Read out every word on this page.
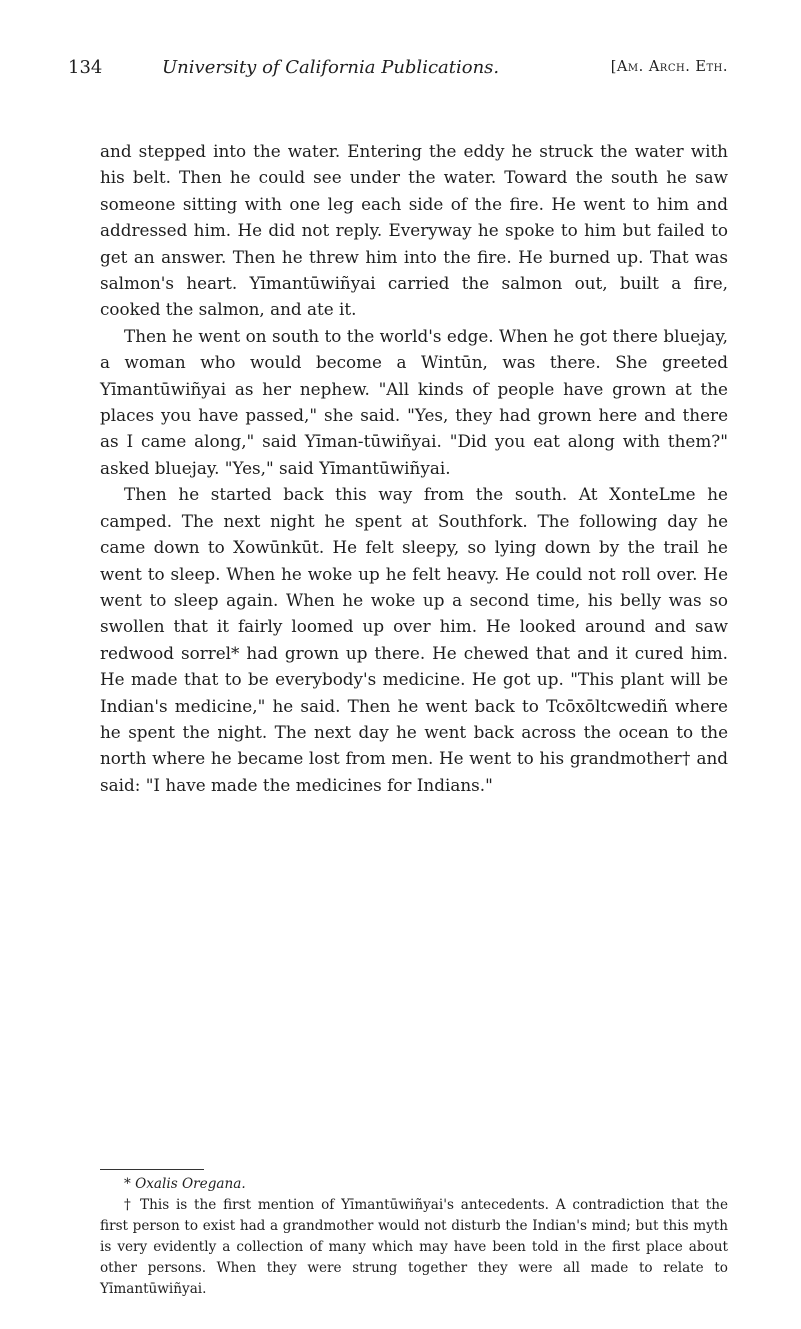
134	University of California Publications.	[Am. Arch. Eth.

and stepped into the water. Entering the eddy he struck the water with his belt. Then he could see under the water. Toward the south he saw someone sitting with one leg each side of the fire. He went to him and addressed him. He did not reply. Everyway he spoke to him but failed to get an answer. Then he threw him into the fire. He burned up. That was salmon's heart. Yīmantūwiñyai carried the salmon out, built a fire, cooked the salmon, and ate it.

Then he went on south to the world's edge. When he got there bluejay, a woman who would become a Wintūn, was there. She greeted Yīmantūwiñyai as her nephew. "All kinds of people have grown at the places you have passed," she said. "Yes, they had grown here and there as I came along," said Yīman-tūwiñyai. "Did you eat along with them?" asked bluejay. "Yes," said Yīmantūwiñyai.

Then he started back this way from the south. At XonteLme he camped. The next night he spent at Southfork. The following day he came down to Xowūnkūt. He felt sleepy, so lying down by the trail he went to sleep. When he woke up he felt heavy. He could not roll over. He went to sleep again. When he woke up a second time, his belly was so swollen that it fairly loomed up over him. He looked around and saw redwood sorrel* had grown up there. He chewed that and it cured him. He made that to be everybody's medicine. He got up. "This plant will be Indian's medicine," he said. Then he went back to Tcōxōltcwediñ where he spent the night. The next day he went back across the ocean to the north where he became lost from men. He went to his grandmother† and said: "I have made the medicines for Indians."

* Oxalis Oregana.

† This is the first mention of Yīmantūwiñyai's antecedents. A contradiction that the first person to exist had a grandmother would not disturb the Indian's mind; but this myth is very evidently a collection of many which may have been told in the first place about other persons. When they were strung together they were all made to relate to Yīmantūwiñyai.
